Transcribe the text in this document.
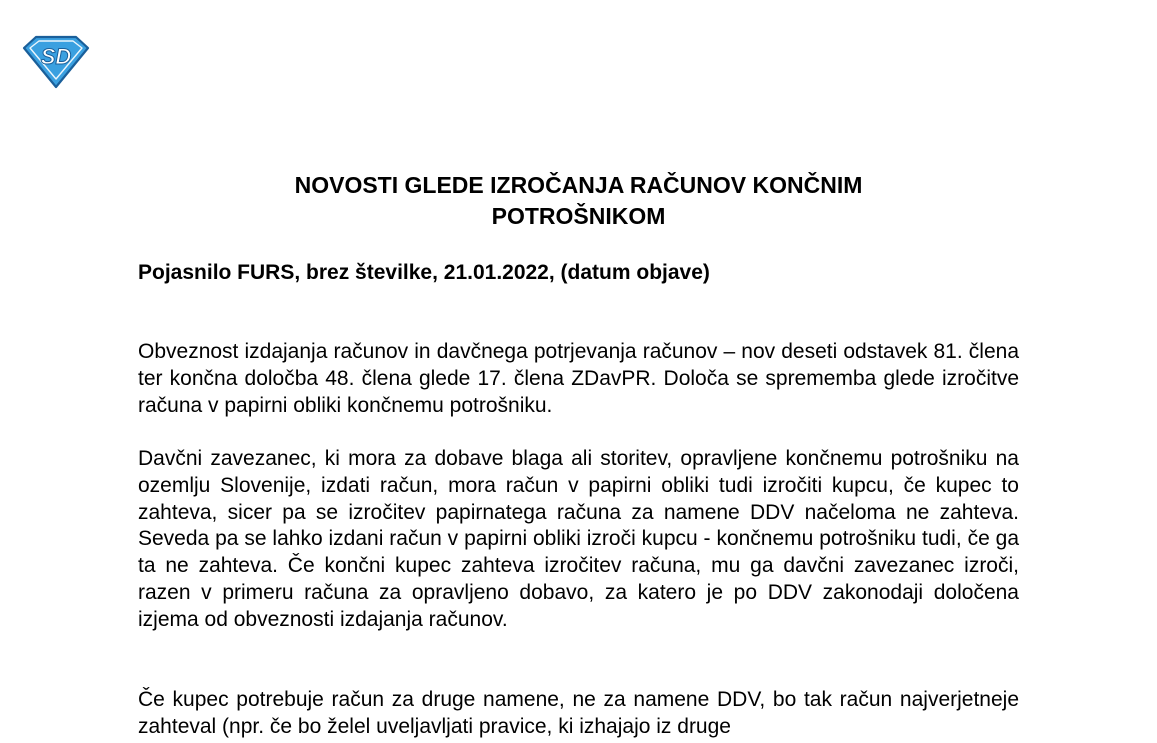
SD
NOVOSTI GLEDE IZROČANJA RAČUNOV KONČNIM
POTROŠNIKOM

Pojasnilo FURS, brez številke, 21.01.2022, (datum objave)

Obveznost izdajanja računov in davčnega potrjevanja računov – nov deseti odstavek 81. člena ter končna določba 48. člena glede 17. člena ZDavPR. Določa se sprememba glede izročitve računa v papirni obliki končnemu potrošniku.

Davčni zavezanec, ki mora za dobave blaga ali storitev, opravljene končnemu potrošniku na ozemlju Slovenije, izdati račun, mora račun v papirni obliki tudi izročiti kupcu, če kupec to zahteva, sicer pa se izročitev papirnatega računa za namene DDV načeloma ne zahteva. Seveda pa se lahko izdani račun v papirni obliki izroči kupcu - končnemu potrošniku tudi, če ga ta ne zahteva. Če končni kupec zahteva izročitev računa, mu ga davčni zavezanec izroči, razen v primeru računa za opravljeno dobavo, za katero je po DDV zakonodaji določena izjema od obveznosti izdajanja računov.

Če kupec potrebuje račun za druge namene, ne za namene DDV, bo tak račun najverjetneje zahteval (npr. če bo želel uveljavljati pravice, ki izhajajo iz druge
